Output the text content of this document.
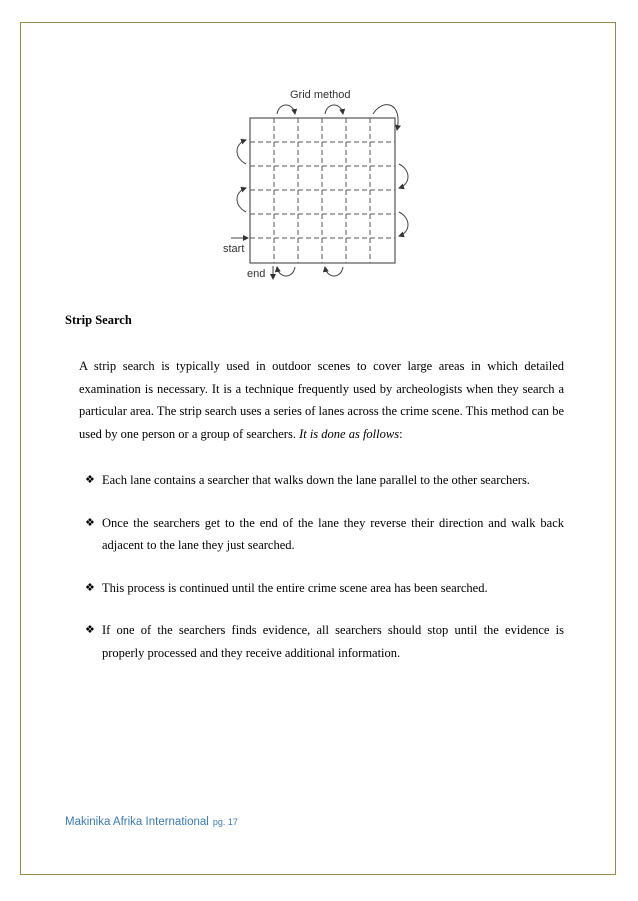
Grid method
start
end
Strip Search
A strip search is typically used in outdoor scenes to cover large areas in which detailed examination is necessary. It is a technique frequently used by archeologists when they search a particular area. The strip search uses a series of lanes across the crime scene. This method can be used by one person or a group of searchers. It is done as follows:
❖ Each lane contains a searcher that walks down the lane parallel to the other searchers.
❖ Once the searchers get to the end of the lane they reverse their direction and walk back adjacent to the lane they just searched.
❖ This process is continued until the entire crime scene area has been searched.
❖ If one of the searchers finds evidence, all searchers should stop until the evidence is properly processed and they receive additional information.
Makinika Afrika International pg. 17
